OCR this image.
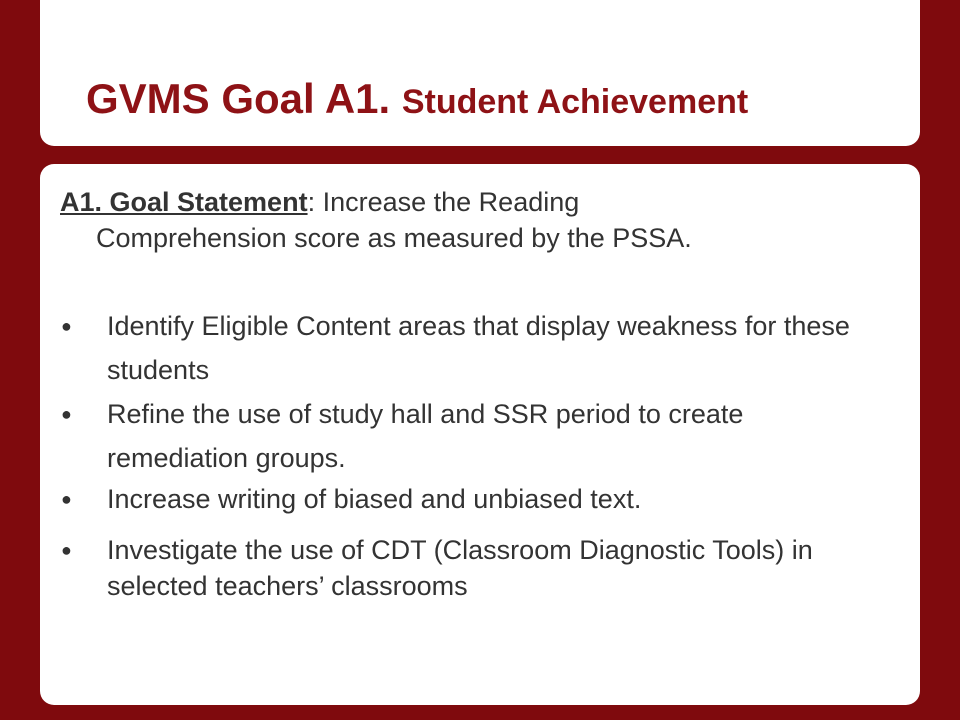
GVMS Goal A1. Student Achievement
A1. Goal Statement: Increase the Reading
Comprehension score as measured by the PSSA.
● Identify Eligible Content areas that display weakness for these students
● Refine the use of study hall and SSR period to create remediation groups.
● Increase writing of biased and unbiased text.
● Investigate the use of CDT (Classroom Diagnostic Tools) in selected teachers’ classrooms
